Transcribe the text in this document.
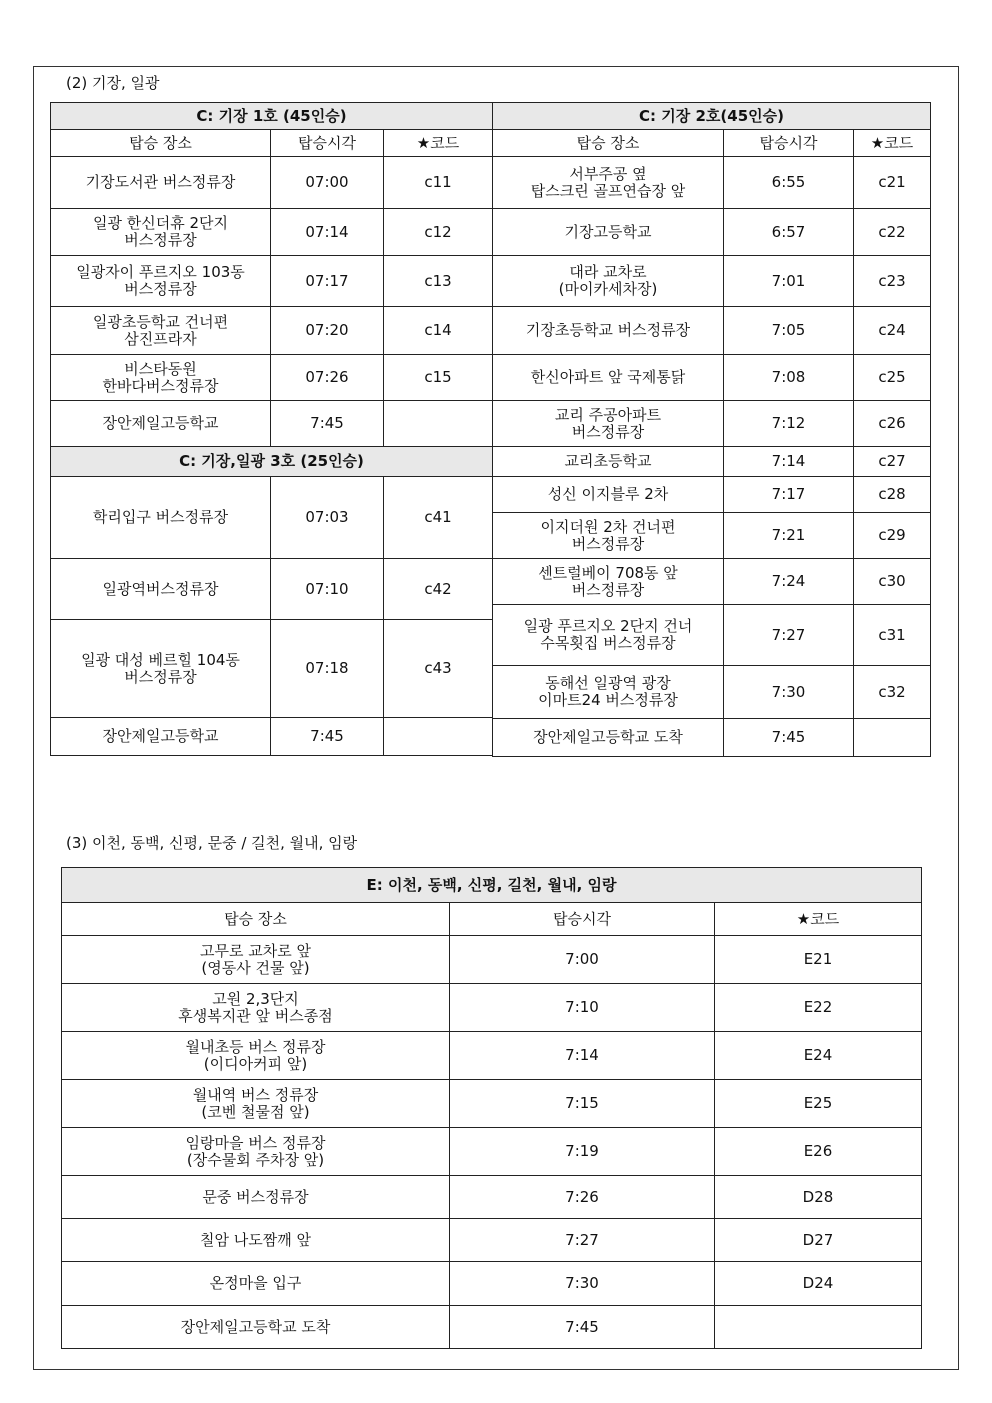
(2) 기장, 일광
C: 기장 1호 (45인승)		
탑승 장소	탑승시각	★코드
기장도서관 버스정류장	07:00	c11
일광 한신더휴 2단지
버스정류장	07:14	c12
일광자이 푸르지오 103동
버스정류장	07:17	c13
일광초등학교 건너편
삼진프라자	07:20	c14
비스타동원
한바다버스정류장	07:26	c15
장안제일고등학교	7:45	
C: 기장,일광 3호 (25인승)		
학리입구 버스정류장	07:03	c41
일광역버스정류장	07:10	c42
일광 대성 베르힐 104동
버스정류장	07:18	c43
장안제일고등학교	7:45	
C: 기장 2호(45인승)		
탑승 장소	탑승시각	★코드
서부주공 옆
탑스크린 골프연습장 앞	6:55	c21
기장고등학교	6:57	c22
대라 교차로
(마이카세차장)	7:01	c23
기장초등학교 버스정류장	7:05	c24
한신아파트 앞 국제통닭	7:08	c25
교리 주공아파트
버스정류장	7:12	c26
교리초등학교	7:14	c27
성신 이지블루 2차	7:17	c28
이지더원 2차 건너편
버스정류장	7:21	c29
센트럴베이 708동 앞
버스정류장	7:24	c30
일광 푸르지오 2단지 건너
수목횟집 버스정류장	7:27	c31
동해선 일광역 광장
이마트24 버스정류장	7:30	c32
장안제일고등학교 도착	7:45	
(3) 이천, 동백, 신평, 문중 / 길천, 월내, 임랑
E: 이천, 동백, 신평, 길천, 월내, 임랑		
탑승 장소	탑승시각	★코드
고무로 교차로 앞
(영동사 건물 앞)	7:00	E21
고원 2,3단지
후생복지관 앞 버스종점	7:10	E22
월내초등 버스 정류장
(이디아커피 앞)	7:14	E24
월내역 버스 정류장
(코벤 철물점 앞)	7:15	E25
임랑마을 버스 정류장
(장수물회 주차장 앞)	7:19	E26
문중 버스정류장	7:26	D28
칠암 나도짬깨 앞	7:27	D27
온정마을 입구	7:30	D24
장안제일고등학교 도착	7:45	
